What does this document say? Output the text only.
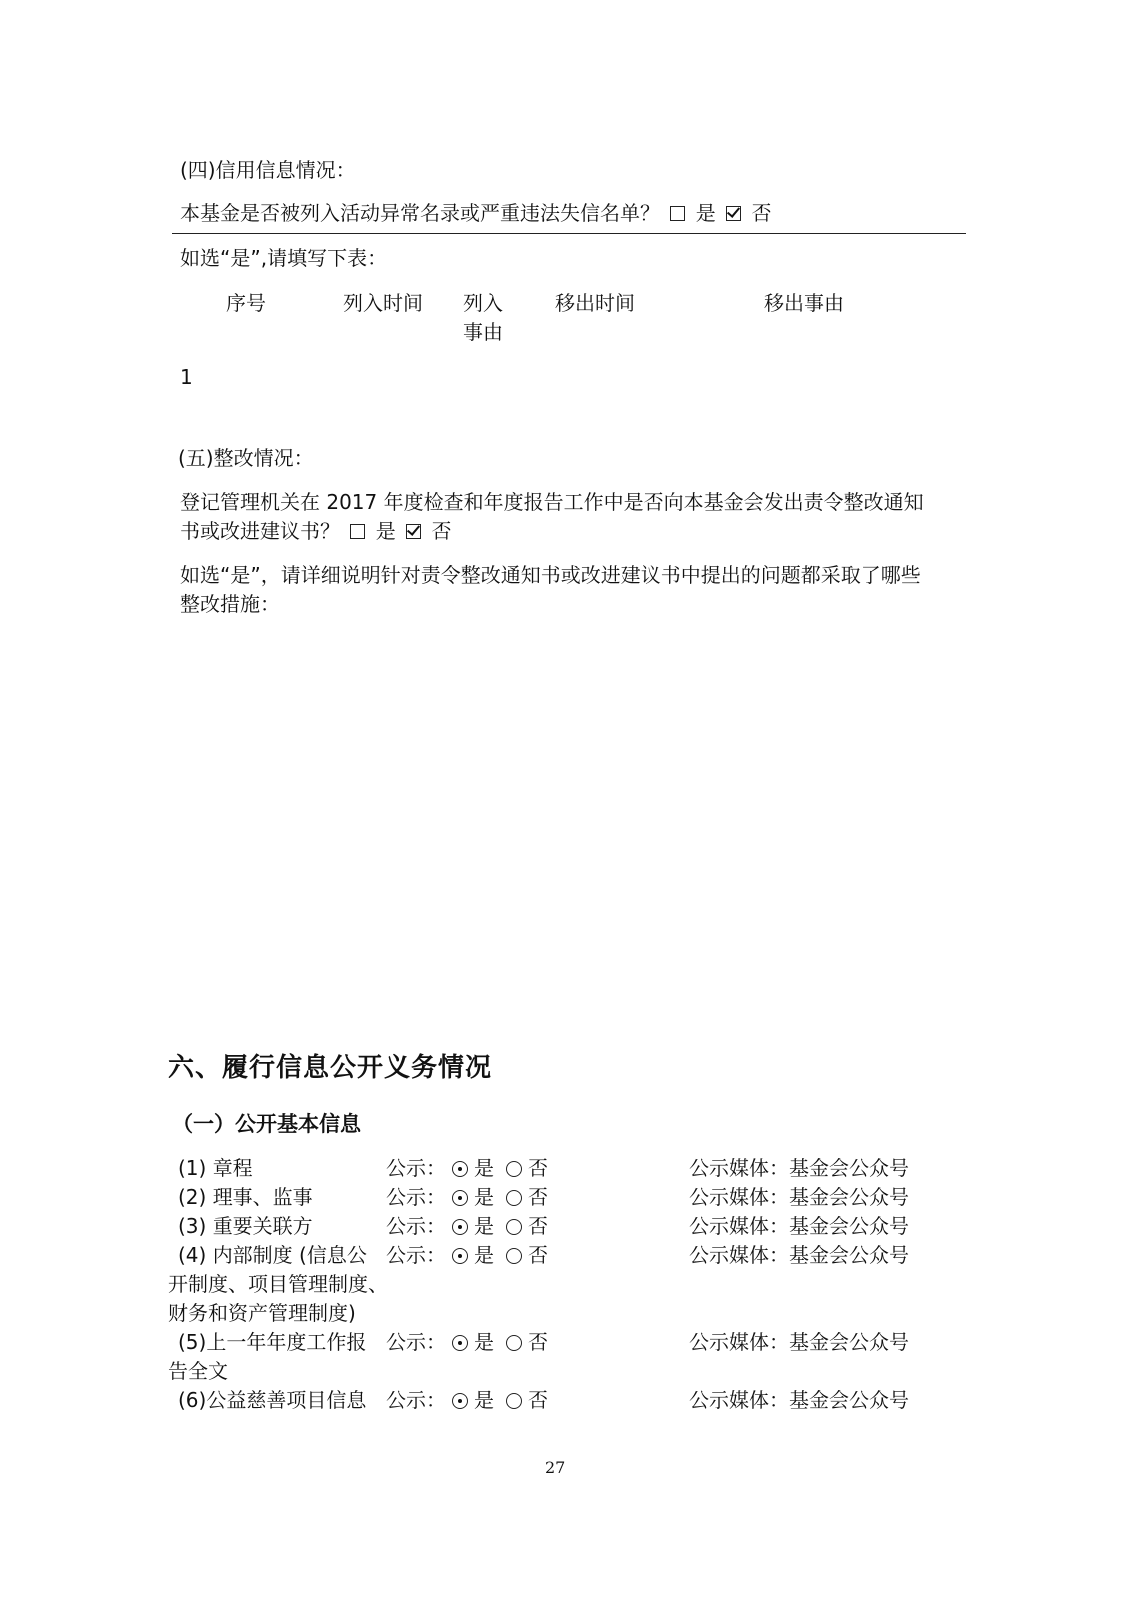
(四)信用信息情况：
本基金是否被列入活动异常名录或严重违法失信名单？ 是 否
如选“是”,请填写下表：
序号	列入时间 列入
事由
移出时间	移出事由
1
(五)整改情况：
登记管理机关在 2017 年度检查和年度报告工作中是否向本基金会发出责令整改通知
书或改进建议书？ 是 否
如选“是”，请详细说明针对责令整改通知书或改进建议书中提出的问题都采取了哪些
整改措施：
六、履行信息公开义务情况
（一）公开基本信息
(1) 章程	公示： 是 否	公示媒体：基金会公众号
(2) 理事、监事	公示： 是 否	公示媒体：基金会公众号
(3) 重要关联方	公示： 是 否	公示媒体：基金会公众号
(4) 内部制度 (信息公
开制度、项目管理制度、
财务和资产管理制度)
公示： 是 否	公示媒体：基金会公众号
(5)上一年年度工作报
告全文
公示： 是 否	公示媒体：基金会公众号
(6)公益慈善项目信息 公示： 是 否	公示媒体：基金会公众号
27
